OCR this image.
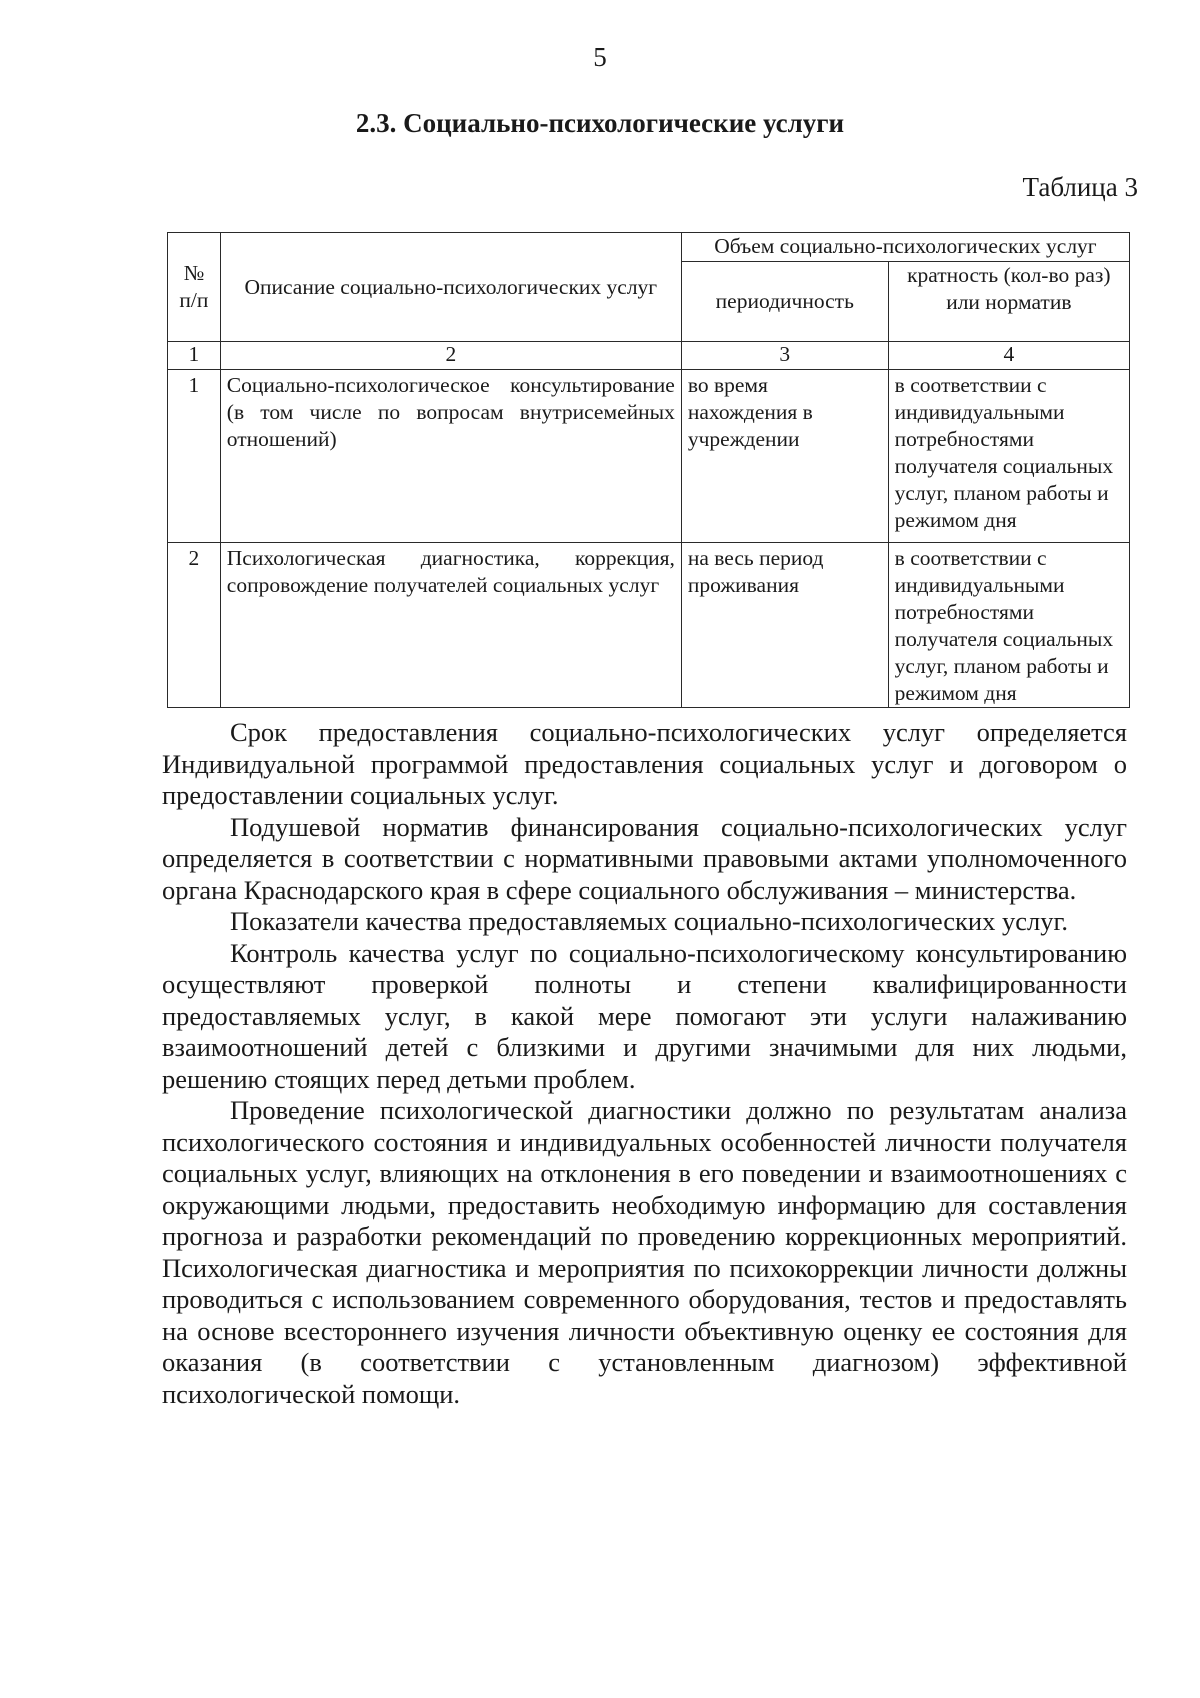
5
2.3. Социально-психологические услуги
Таблица 3
№ п/п	Описание социально-психологических услуг	Объем социально-психологических услуг	
		периодичность	кратность (кол-во раз) или норматив
1	2	3	4
1	Социально-психологическое консультирование (в том числе по вопросам внутрисемейных отношений)	во время нахождения в учреждении	в соответствии с индивидуальными потребностями получателя социальных услуг, планом работы и режимом дня
2	Психологическая диагностика, коррекция, сопровождение получателей социальных услуг	на весь период проживания	в соответствии с индивидуальными потребностями получателя социальных услуг, планом работы и режимом дня

Срок предоставления социально-психологических услуг определяется Индивидуальной программой предоставления социальных услуг и договором о предоставлении социальных услуг.

Подушевой норматив финансирования социально-психологических услуг определяется в соответствии с нормативными правовыми актами уполномоченного органа Краснодарского края в сфере социального обслуживания – министерства.

Показатели качества предоставляемых социально-психологических услуг.

Контроль качества услуг по социально-психологическому консультированию осуществляют проверкой полноты и степени квалифицированности предоставляемых услуг, в какой мере помогают эти услуги налаживанию взаимоотношений детей с близкими и другими значимыми для них людьми, решению стоящих перед детьми проблем.

Проведение психологической диагностики должно по результатам анализа психологического состояния и индивидуальных особенностей личности получателя социальных услуг, влияющих на отклонения в его поведении и взаимоотношениях с окружающими людьми, предоставить необходимую информацию для составления прогноза и разработки рекомендаций по проведению коррекционных мероприятий. Психологическая диагностика и мероприятия по психокоррекции личности должны проводиться с использованием современного оборудования, тестов и предоставлять на основе всестороннего изучения личности объективную оценку ее состояния для оказания (в соответствии с установленным диагнозом) эффективной психологической помощи.
